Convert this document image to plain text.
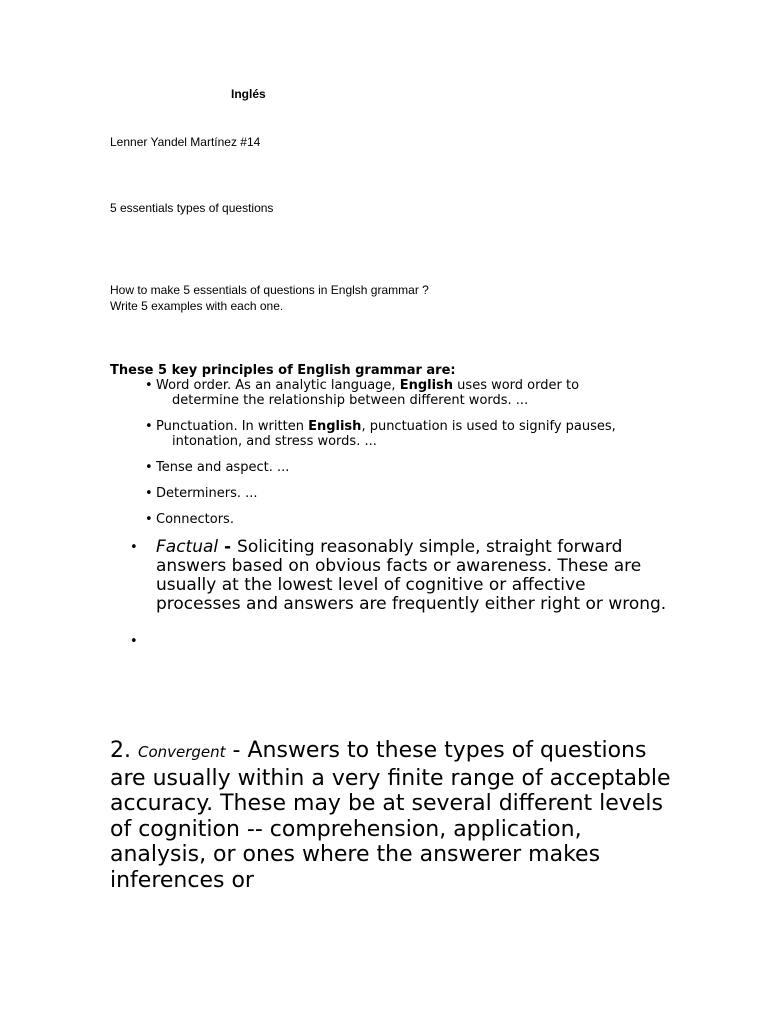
Inglés

Lenner Yandel Martínez #14

5 essentials types of questions

How to make 5 essentials of questions in Englsh grammar ?

Write 5 examples with each one.

These 5 key principles of English grammar are:

• Word order. As an analytic language, English uses word order to
determine the relationship between different words. ...
• Punctuation. In written English, punctuation is used to signify pauses,
intonation, and stress words. ...
• Tense and aspect. ...
• Determiners. ...
• Connectors.
• Factual - Soliciting reasonably simple, straight forward answers based on obvious facts or awareness. These are usually at the lowest level of cognitive or affective processes and answers are frequently either right or wrong.
•
2. Convergent - Answers to these types of questions are usually within a very finite range of acceptable accuracy. These may be at several different levels of cognition -- comprehension, application, analysis, or ones where the answerer makes inferences or
